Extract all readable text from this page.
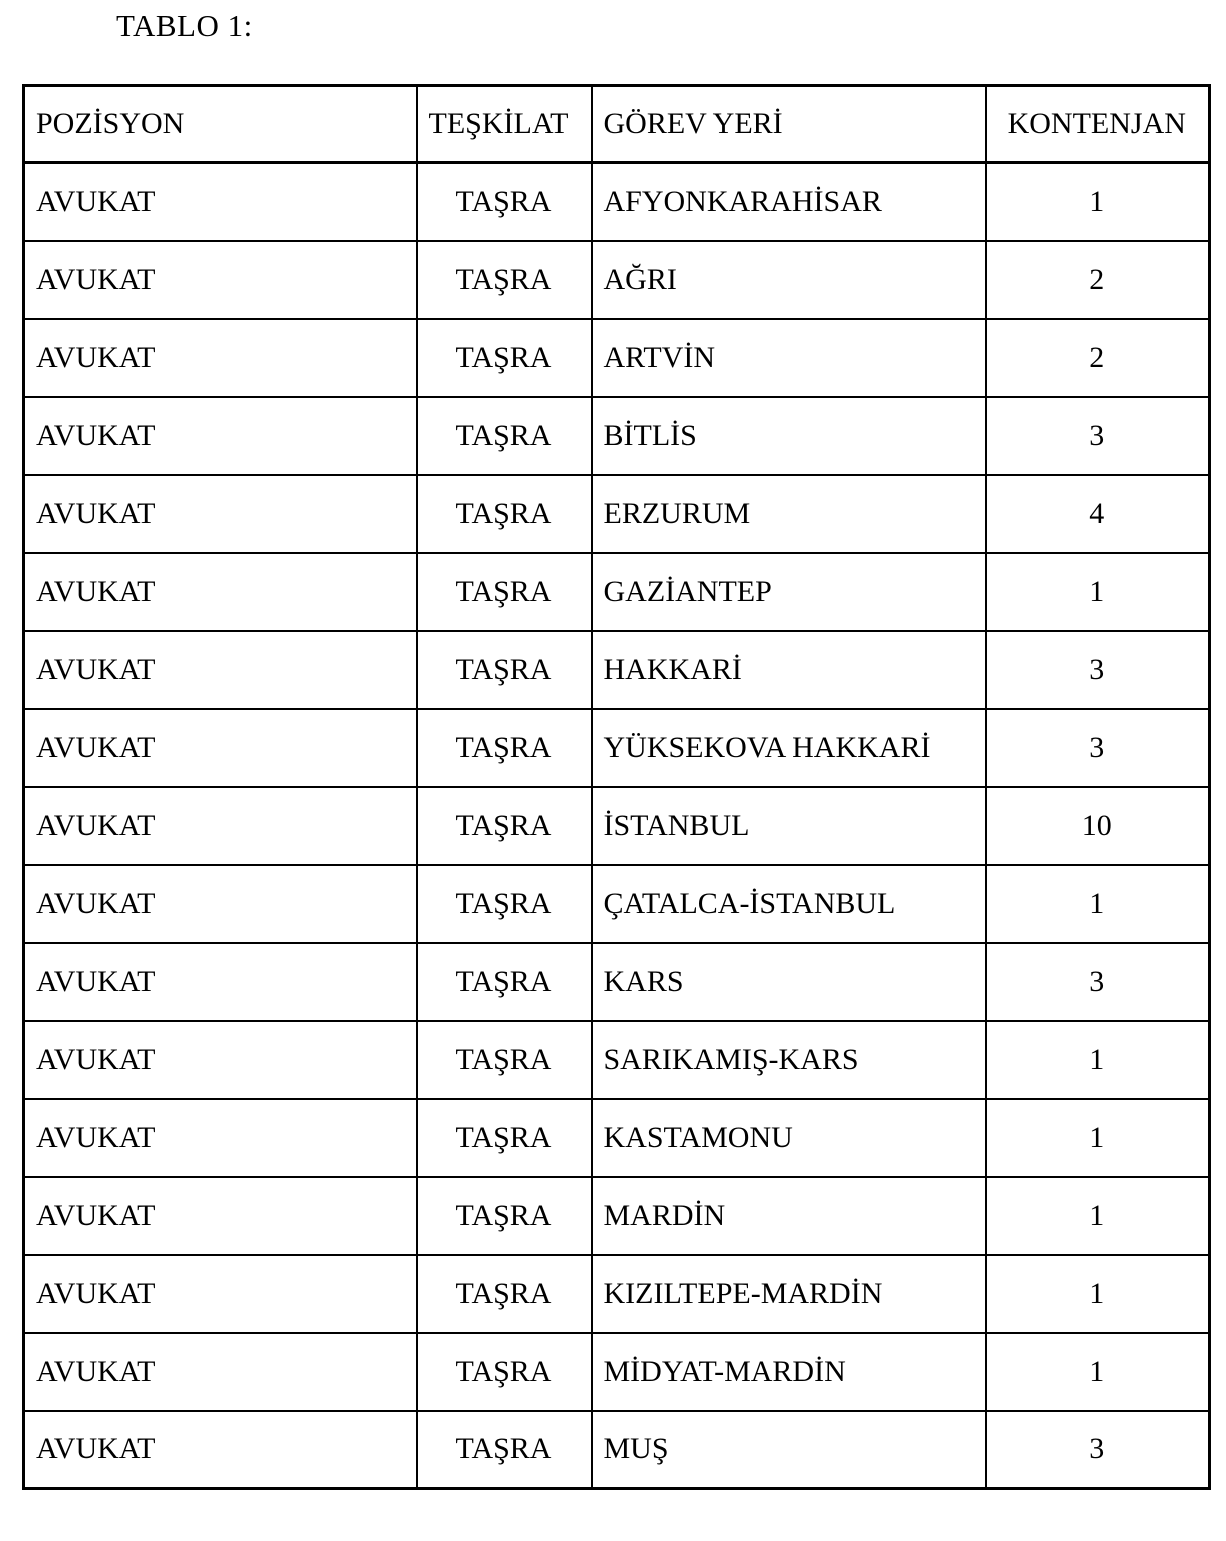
TABLO 1:
POZİSYON	TEŞKİLAT	GÖREV YERİ	KONTENJAN
AVUKAT	TAŞRA	AFYONKARAHİSAR	1
AVUKAT	TAŞRA	AĞRI	2
AVUKAT	TAŞRA	ARTVİN	2
AVUKAT	TAŞRA	BİTLİS	3
AVUKAT	TAŞRA	ERZURUM	4
AVUKAT	TAŞRA	GAZİANTEP	1
AVUKAT	TAŞRA	HAKKARİ	3
AVUKAT	TAŞRA	YÜKSEKOVA HAKKARİ	3
AVUKAT	TAŞRA	İSTANBUL	10
AVUKAT	TAŞRA	ÇATALCA-İSTANBUL	1
AVUKAT	TAŞRA	KARS	3
AVUKAT	TAŞRA	SARIKAMIŞ-KARS	1
AVUKAT	TAŞRA	KASTAMONU	1
AVUKAT	TAŞRA	MARDİN	1
AVUKAT	TAŞRA	KIZILTEPE-MARDİN	1
AVUKAT	TAŞRA	MİDYAT-MARDİN	1
AVUKAT	TAŞRA	MUŞ	3
